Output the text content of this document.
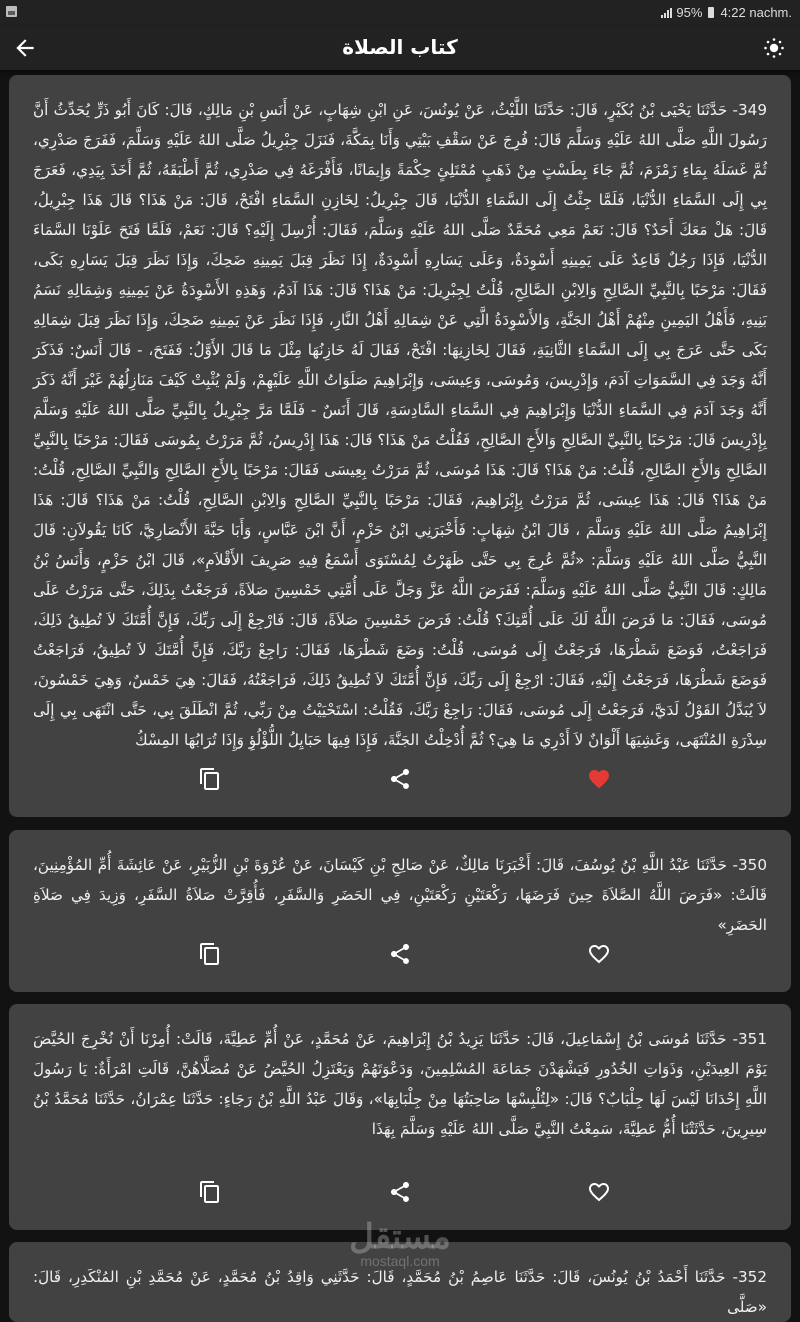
95% 4:22 nachm.
كتاب الصلاة
349- حَدَّثَنَا يَحْيَى بْنُ بُكَيْرٍ، قَالَ: حَدَّثَنَا اللَّيْثُ، عَنْ يُونُسَ، عَنِ ابْنِ شِهَابٍ، عَنْ أَنَسِ بْنِ مَالِكٍ، قَالَ: كَانَ أَبُو ذَرٍّ يُحَدِّثُ أَنَّ رَسُولَ اللَّهِ صَلَّى اللهُ عَلَيْهِ وَسَلَّمَ قَالَ: فُرِجَ عَنْ سَقْفِ بَيْتِي وَأَنَا بِمَكَّةَ، فَنَزَلَ جِبْرِيلُ صَلَّى اللهُ عَلَيْهِ وَسَلَّمَ، فَفَرَجَ صَدْرِي، ثُمَّ غَسَلَهُ بِمَاءِ زَمْزَمَ، ثُمَّ جَاءَ بِطَسْتٍ مِنْ ذَهَبٍ مُمْتَلِئٍ حِكْمَةً وَإِيمَانًا، فَأَفْرَغَهُ فِي صَدْرِي، ثُمَّ أَطْبَقَهُ، ثُمَّ أَخَذَ بِيَدِي، فَعَرَجَ بِي إِلَى السَّمَاءِ الدُّنْيَا، فَلَمَّا جِئْتُ إِلَى السَّمَاءِ الدُّنْيَا، قَالَ جِبْرِيلُ: لِخَازِنِ السَّمَاءِ افْتَحْ، قَالَ: مَنْ هَذَا؟ قَالَ هَذَا جِبْرِيلُ، قَالَ: هَلْ مَعَكَ أَحَدٌ؟ قَالَ: نَعَمْ مَعِي مُحَمَّدٌ صَلَّى اللهُ عَلَيْهِ وَسَلَّمَ، فَقَالَ: أُرْسِلَ إِلَيْهِ؟ قَالَ: نَعَمْ، فَلَمَّا فَتَحَ عَلَوْنَا السَّمَاءَ الدُّنْيَا، فَإِذَا رَجُلٌ قَاعِدٌ عَلَى يَمِينِهِ أَسْوِدَةٌ، وَعَلَى يَسَارِهِ أَسْوِدَةٌ، إِذَا نَظَرَ قِبَلَ يَمِينِهِ ضَحِكَ، وَإِذَا نَظَرَ قِبَلَ يَسَارِهِ بَكَى، فَقَالَ: مَرْحَبًا بِالنَّبِيِّ الصَّالِحِ وَالِابْنِ الصَّالِحِ، قُلْتُ لِجِبْرِيلَ: مَنْ هَذَا؟ قَالَ: هَذَا آدَمُ، وَهَذِهِ الأَسْوِدَةُ عَنْ يَمِينِهِ وَشِمَالِهِ نَسَمُ بَنِيهِ، فَأَهْلُ اليَمِينِ مِنْهُمْ أَهْلُ الجَنَّةِ، وَالأَسْوِدَةُ الَّتِي عَنْ شِمَالِهِ أَهْلُ النَّارِ، فَإِذَا نَظَرَ عَنْ يَمِينِهِ ضَحِكَ، وَإِذَا نَظَرَ قِبَلَ شِمَالِهِ بَكَى حَتَّى عَرَجَ بِي إِلَى السَّمَاءِ الثَّانِيَةِ، فَقَالَ لِخَازِنِهَا: افْتَحْ، فَقَالَ لَهُ خَازِنُهَا مِثْلَ مَا قَالَ الأَوَّلُ: فَفَتَحَ، - قَالَ أَنَسٌ: فَذَكَرَ أَنَّهُ وَجَدَ فِي السَّمَوَاتِ آدَمَ، وَإِدْرِيسَ، وَمُوسَى، وَعِيسَى، وَإِبْرَاهِيمَ صَلَوَاتُ اللَّهِ عَلَيْهِمْ، وَلَمْ يُثْبِتْ كَيْفَ مَنَازِلُهُمْ غَيْرَ أَنَّهُ ذَكَرَ أَنَّهُ وَجَدَ آدَمَ فِي السَّمَاءِ الدُّنْيَا وَإِبْرَاهِيمَ فِي السَّمَاءِ السَّادِسَةِ، قَالَ أَنَسٌ - فَلَمَّا مَرَّ جِبْرِيلُ بِالنَّبِيِّ صَلَّى اللهُ عَلَيْهِ وَسَلَّمَ بِإِدْرِيسَ قَالَ: مَرْحَبًا بِالنَّبِيِّ الصَّالِحِ وَالأَخِ الصَّالِحِ، فَقُلْتُ مَنْ هَذَا؟ قَالَ: هَذَا إِدْرِيسُ، ثُمَّ مَرَرْتُ بِمُوسَى فَقَالَ: مَرْحَبًا بِالنَّبِيِّ الصَّالِحِ وَالأَخِ الصَّالِحِ، قُلْتُ: مَنْ هَذَا؟ قَالَ: هَذَا مُوسَى، ثُمَّ مَرَرْتُ بِعِيسَى فَقَالَ: مَرْحَبًا بِالأَخِ الصَّالِحِ وَالنَّبِيِّ الصَّالِحِ، قُلْتُ: مَنْ هَذَا؟ قَالَ: هَذَا عِيسَى، ثُمَّ مَرَرْتُ بِإِبْرَاهِيمَ، فَقَالَ: مَرْحَبًا بِالنَّبِيِّ الصَّالِحِ وَالِابْنِ الصَّالِحِ، قُلْتُ: مَنْ هَذَا؟ قَالَ: هَذَا إِبْرَاهِيمُ صَلَّى اللهُ عَلَيْهِ وَسَلَّمَ ، قَالَ ابْنُ شِهَابٍ: فَأَخْبَرَنِي ابْنُ حَزْمٍ، أَنَّ ابْنَ عَبَّاسٍ، وَأَبَا حَبَّةَ الأَنْصَارِيَّ، كَانَا يَقُولاَنِ: قَالَ النَّبِيُّ صَلَّى اللهُ عَلَيْهِ وَسَلَّمَ: «ثُمَّ عُرِجَ بِي حَتَّى ظَهَرْتُ لِمُسْتَوَى أَسْمَعُ فِيهِ صَرِيفَ الأَقْلاَمِ»، قَالَ ابْنُ حَزْمٍ، وَأَنَسُ بْنُ مَالِكٍ: قَالَ النَّبِيُّ صَلَّى اللهُ عَلَيْهِ وَسَلَّمَ: فَفَرَضَ اللَّهُ عَزَّ وَجَلَّ عَلَى أُمَّتِي خَمْسِينَ صَلاَةً، فَرَجَعْتُ بِذَلِكَ، حَتَّى مَرَرْتُ عَلَى مُوسَى، فَقَالَ: مَا فَرَضَ اللَّهُ لَكَ عَلَى أُمَّتِكَ؟ قُلْتُ: فَرَضَ خَمْسِينَ صَلاَةً، قَالَ: فَارْجِعْ إِلَى رَبِّكَ، فَإِنَّ أُمَّتَكَ لاَ تُطِيقُ ذَلِكَ، فَرَاجَعْتُ، فَوَضَعَ شَطْرَهَا، فَرَجَعْتُ إِلَى مُوسَى، قُلْتُ: وَضَعَ شَطْرَهَا، فَقَالَ: رَاجِعْ رَبَّكَ، فَإِنَّ أُمَّتَكَ لاَ تُطِيقُ، فَرَاجَعْتُ فَوَضَعَ شَطْرَهَا، فَرَجَعْتُ إِلَيْهِ، فَقَالَ: ارْجِعْ إِلَى رَبِّكَ، فَإِنَّ أُمَّتَكَ لاَ تُطِيقُ ذَلِكَ، فَرَاجَعْتُهُ، فَقَالَ: هِيَ خَمْسٌ، وَهِيَ خَمْسُونَ، لاَ يُبَدَّلُ القَوْلُ لَدَيَّ، فَرَجَعْتُ إِلَى مُوسَى، فَقَالَ: رَاجِعْ رَبَّكَ، فَقُلْتُ: اسْتَحْيَيْتُ مِنْ رَبِّي، ثُمَّ انْطَلَقَ بِي، حَتَّى انْتَهَى بِي إِلَى سِدْرَةِ المُنْتَهَى، وَغَشِيَهَا أَلْوَانٌ لاَ أَدْرِي مَا هِيَ؟ ثُمَّ أُدْخِلْتُ الجَنَّةَ، فَإِذَا فِيهَا حَبَايِلُ اللُّؤْلُؤِ وَإِذَا تُرَابُهَا المِسْكُ
350- حَدَّثَنَا عَبْدُ اللَّهِ بْنُ يُوسُفَ، قَالَ: أَخْبَرَنَا مَالِكٌ، عَنْ صَالِحِ بْنِ كَيْسَانَ، عَنْ عُرْوَةَ بْنِ الزُّبَيْرِ، عَنْ عَائِشَةَ أُمِّ المُؤْمِنِينَ، قَالَتْ: «فَرَضَ اللَّهُ الصَّلاَةَ حِينَ فَرَضَهَا، رَكْعَتَيْنِ رَكْعَتَيْنِ، فِي الحَضَرِ وَالسَّفَرِ، فَأُقِرَّتْ صَلاَةُ السَّفَرِ، وَزِيدَ فِي صَلاَةِ الحَضَرِ»
351- حَدَّثَنَا مُوسَى بْنُ إِسْمَاعِيلَ، قَالَ: حَدَّثَنَا يَزِيدُ بْنُ إِبْرَاهِيمَ، عَنْ مُحَمَّدٍ، عَنْ أُمِّ عَطِيَّةَ، قَالَتْ: أُمِرْنَا أَنْ نُخْرِجَ الحُيَّضَ يَوْمَ العِيدَيْنِ، وَذَوَاتِ الخُدُورِ فَيَشْهَدْنَ جَمَاعَةَ المُسْلِمِينَ، وَدَعْوَتَهُمْ وَيَعْتَزِلُ الحُيَّضُ عَنْ مُصَلَّاهُنَّ، قَالَتِ امْرَأَةٌ: يَا رَسُولَ اللَّهِ إِحْدَانَا لَيْسَ لَهَا جِلْبَابٌ؟ قَالَ: «لِتُلْبِسْهَا صَاحِبَتُهَا مِنْ جِلْبَابِهَا»، وَقَالَ عَبْدُ اللَّهِ بْنُ رَجَاءٍ: حَدَّثَنَا عِمْرَانُ، حَدَّثَنَا مُحَمَّدُ بْنُ سِيرِينَ، حَدَّثَتْنَا أُمُّ عَطِيَّةَ، سَمِعْتُ النَّبِيَّ صَلَّى اللهُ عَلَيْهِ وَسَلَّمَ بِهَذَا
352- حَدَّثَنَا أَحْمَدُ بْنُ يُونُسَ، قَالَ: حَدَّثَنَا عَاصِمُ بْنُ مُحَمَّدٍ، قَالَ: حَدَّثَنِي وَاقِدُ بْنُ مُحَمَّدٍ، عَنْ مُحَمَّدِ بْنِ المُنْكَدِرِ، قَالَ: «صَلَّى
مستقل
mostaql.com
